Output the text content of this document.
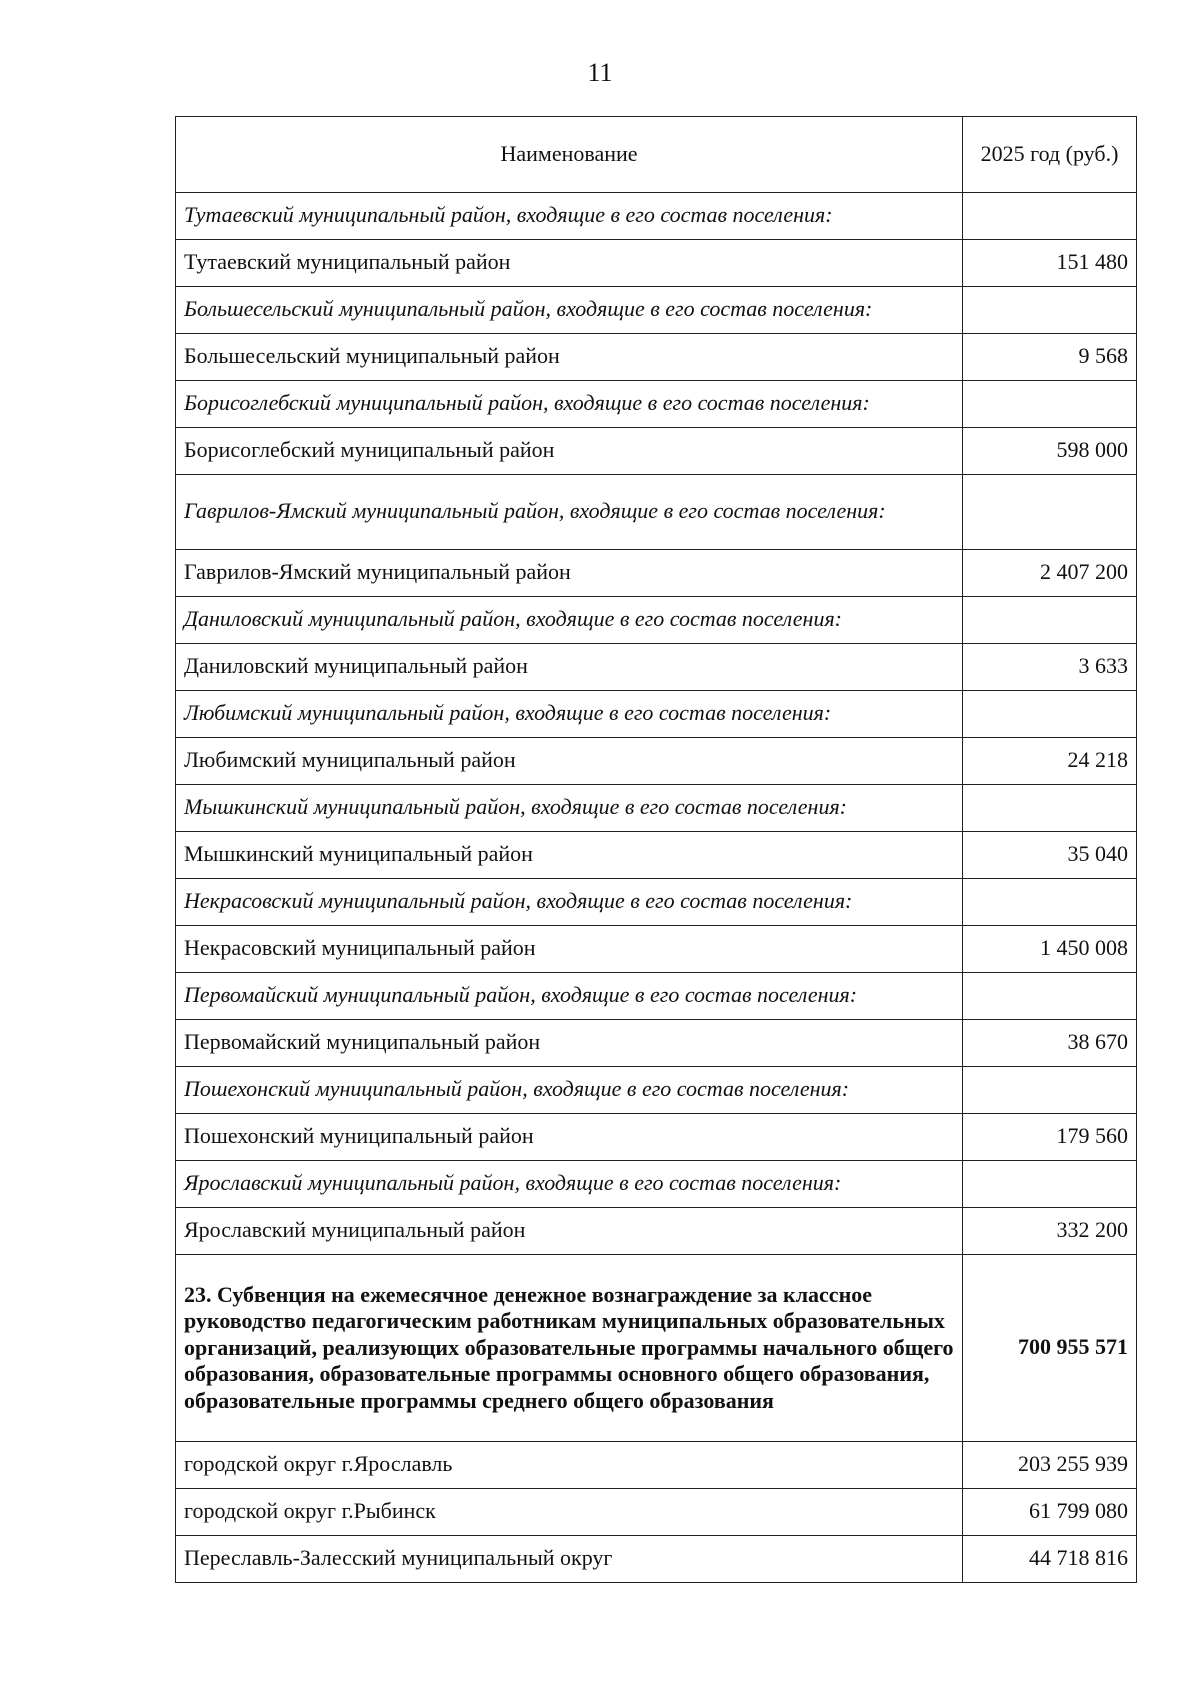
11
Наименование	2025 год (руб.)
Тутаевский муниципальный район, входящие в его состав поселения:	
Тутаевский муниципальный район	151 480
Большесельский муниципальный район, входящие в его состав поселения:	
Большесельский муниципальный район	9 568
Борисоглебский муниципальный район, входящие в его состав поселения:	
Борисоглебский муниципальный район	598 000
Гаврилов-Ямский муниципальный район, входящие в его состав поселения:	
Гаврилов-Ямский муниципальный район	2 407 200
Даниловский муниципальный район, входящие в его состав поселения:	
Даниловский муниципальный район	3 633
Любимский муниципальный район, входящие в его состав поселения:	
Любимский муниципальный район	24 218
Мышкинский муниципальный район, входящие в его состав поселения:	
Мышкинский муниципальный район	35 040
Некрасовский муниципальный район, входящие в его состав поселения:	
Некрасовский муниципальный район	1 450 008
Первомайский муниципальный район, входящие в его состав поселения:	
Первомайский муниципальный район	38 670
Пошехонский муниципальный район, входящие в его состав поселения:	
Пошехонский муниципальный район	179 560
Ярославский муниципальный район, входящие в его состав поселения:	
Ярославский муниципальный район	332 200
23. Субвенция на ежемесячное денежное вознаграждение за классное руководство педагогическим работникам муниципальных образовательных организаций, реализующих образовательные программы начального общего образования, образовательные программы основного общего образования, образовательные программы среднего общего образования	700 955 571
городской округ г.Ярославль	203 255 939
городской округ г.Рыбинск	61 799 080
Переславль-Залесский муниципальный округ	44 718 816
